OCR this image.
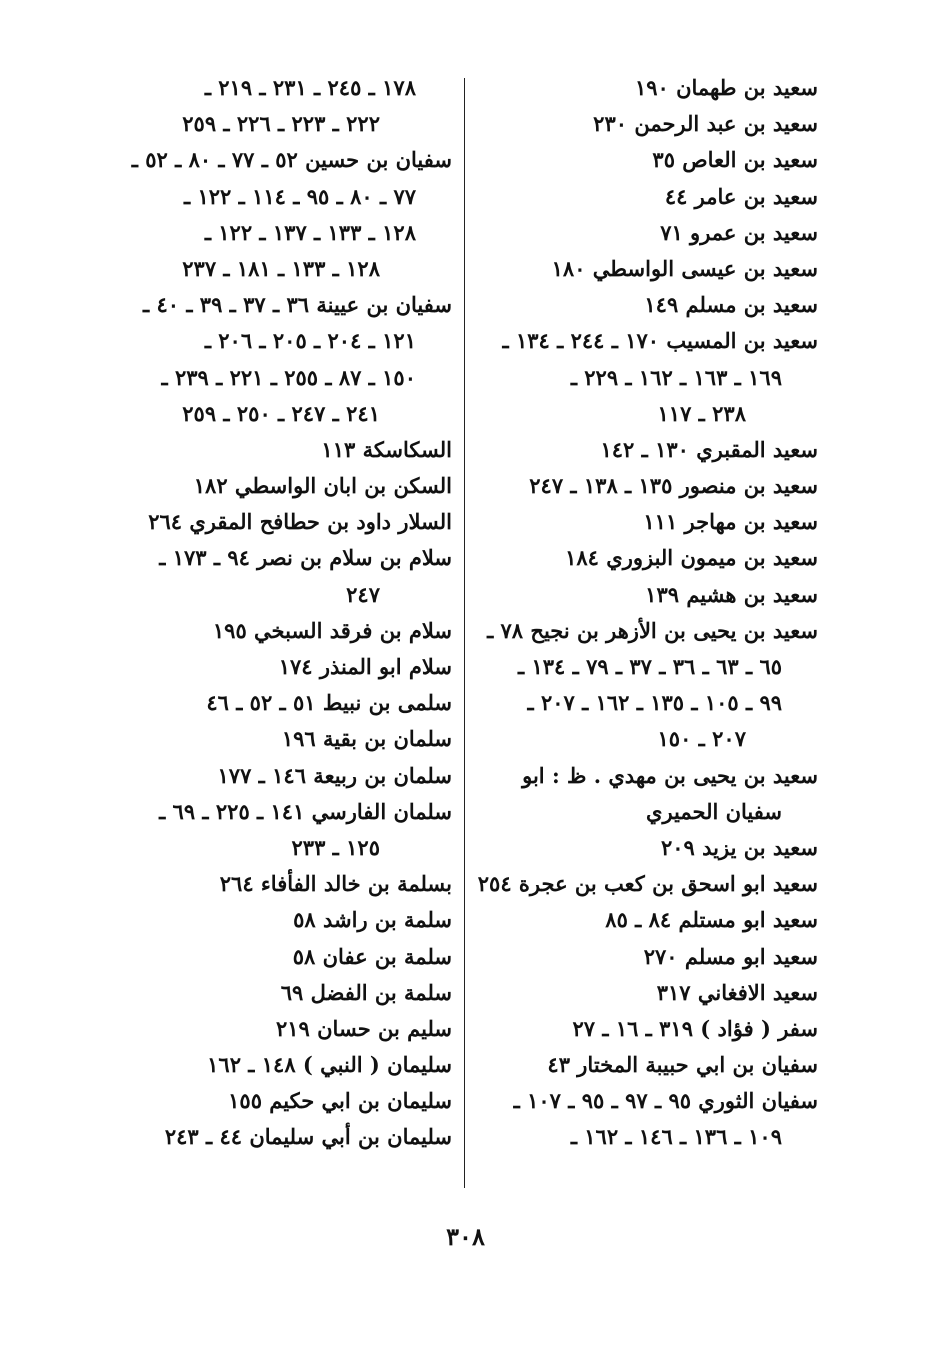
سعيد بن طهمان ١٩٠
سعيد بن عبد الرحمن ٢٣٠
سعيد بن العاص ٣٥
سعيد بن عامر ٤٤
سعيد بن عمرو ٧١
سعيد بن عيسى الواسطي ١٨٠
سعيد بن مسلم ١٤٩
سعيد بن المسيب ١٧٠ ـ ٢٤٤ ـ ١٣٤ ـ
١٦٩ ـ ١٦٣ ـ ١٦٢ ـ ٢٢٩ ـ
٢٣٨ ـ ١١٧
سعيد المقبري ١٣٠ ـ ١٤٢
سعيد بن منصور ١٣٥ ـ ١٣٨ ـ ٢٤٧
سعيد بن مهاجر ١١١
سعيد بن ميمون البزوري ١٨٤
سعيد بن هشيم ١٣٩
سعيد بن يحيى بن الأزهر بن نجيح ٧٨ ـ
٦٥ ـ ٦٣ ـ ٣٦ ـ ٣٧ ـ ٧٩ ـ ١٣٤ ـ
٩٩ ـ ١٠٥ ـ ١٣٥ ـ ١٦٢ ـ ٢٠٧ ـ
٢٠٧ ـ ١٥٠
سعيد بن يحيى بن مهدي . ظ : ابو
سفيان الحميري
سعيد بن يزيد ٢٠٩
سعيد ابو اسحق بن كعب بن عجرة ٢٥٤
سعيد ابو مستلم ٨٤ ـ ٨٥
سعيد ابو مسلم ٢٧٠
سعيد الافغاني ٣١٧
سفر ( فؤاد ) ٣١٩ ـ ١٦ ـ ٢٧
سفيان بن ابي حبيبة المختار ٤٣
سفيان الثوري ٩٥ ـ ٩٧ ـ ٩٥ ـ ١٠٧ ـ
١٠٩ ـ ١٣٦ ـ ١٤٦ ـ ١٦٢ ـ
١٧٨ ـ ٢٤٥ ـ ٢٣١ ـ ٢١٩ ـ
٢٢٢ ـ ٢٢٣ ـ ٢٢٦ ـ ٢٥٩
سفيان بن حسين ٥٢ ـ ٧٧ ـ ٨٠ ـ ٥٢ ـ
٧٧ ـ ٨٠ ـ ٩٥ ـ ١١٤ ـ ١٢٢ ـ
١٢٨ ـ ١٣٣ ـ ١٣٧ ـ ١٢٢ ـ
١٢٨ ـ ١٣٣ ـ ١٨١ ـ ٢٣٧
سفيان بن عيينة ٣٦ ـ ٣٧ ـ ٣٩ ـ ٤٠ ـ
١٢١ ـ ٢٠٤ ـ ٢٠٥ ـ ٢٠٦ ـ
١٥٠ ـ ٨٧ ـ ٢٥٥ ـ ٢٢١ ـ ٢٣٩ ـ
٢٤١ ـ ٢٤٧ ـ ٢٥٠ ـ ٢٥٩
السكاسكة ١١٣
السكن بن ابان الواسطي ١٨٢
السلار داود بن حطافح المقري ٢٦٤
سلام بن سلام بن نصر ٩٤ ـ ١٧٣ ـ
٢٤٧
سلام بن فرقد السبخي ١٩٥
سلام ابو المنذر ١٧٤
سلمى بن نبيط ٥١ ـ ٥٢ ـ ٤٦
سلمان بن بقية ١٩٦
سلمان بن ربيعة ١٤٦ ـ ١٧٧
سلمان الفارسي ١٤١ ـ ٢٢٥ ـ ٦٩ ـ
١٢٥ ـ ٢٣٣
بسلمة بن خالد الفأفاء ٢٦٤
سلمة بن راشد ٥٨
سلمة بن عفان ٥٨
سلمة بن الفضل ٦٩
سليم بن حسان ٢١٩
سليمان ( النبي ) ١٤٨ ـ ١٦٢
سليمان بن ابي حكيم ١٥٥
سليمان بن أبي سليمان ٤٤ ـ ٢٤٣
٣٠٨
